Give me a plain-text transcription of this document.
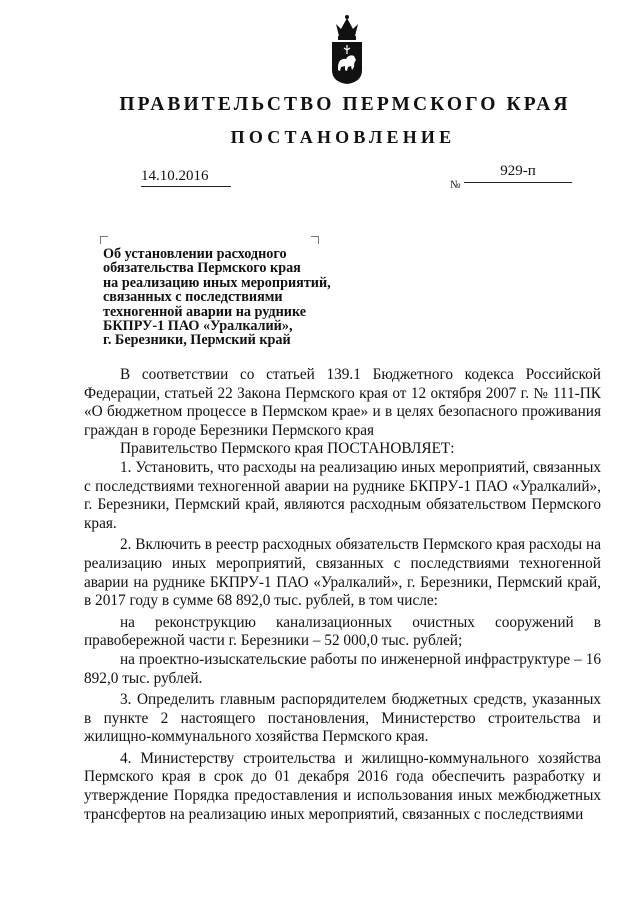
ПРАВИТЕЛЬСТВО ПЕРМСКОГО КРАЯ
ПОСТАНОВЛЕНИЕ
14.10.2016
№
929-п
Об установлении расходного
обязательства Пермского края
на реализацию иных мероприятий,
связанных с последствиями
техногенной аварии на руднике
БКПРУ-1 ПАО «Уралкалий»,
г. Березники, Пермский край

В соответствии со статьей 139.1 Бюджетного кодекса Российской Федерации, статьей 22 Закона Пермского края от 12 октября 2007 г. № 111-ПК «О бюджетном процессе в Пермском крае» и в целях безопасного проживания граждан в городе Березники Пермского края

Правительство Пермского края ПОСТАНОВЛЯЕТ:

1. Установить, что расходы на реализацию иных мероприятий, связанных с последствиями техногенной аварии на руднике БКПРУ-1 ПАО «Уралкалий», г. Березники, Пермский край, являются расходным обязательством Пермского края.

2. Включить в реестр расходных обязательств Пермского края расходы на реализацию иных мероприятий, связанных с последствиями техногенной аварии на руднике БКПРУ-1 ПАО «Уралкалий», г. Березники, Пермский край, в 2017 году в сумме 68 892,0 тыс. рублей, в том числе:

на реконструкцию канализационных очистных сооружений в правобережной части г. Березники – 52 000,0 тыс. рублей;

на проектно-изыскательские работы по инженерной инфраструктуре – 16 892,0 тыс. рублей.

3. Определить главным распорядителем бюджетных средств, указанных в пункте 2 настоящего постановления, Министерство строительства и жилищно-коммунального хозяйства Пермского края.

4. Министерству строительства и жилищно-коммунального хозяйства Пермского края в срок до 01 декабря 2016 года обеспечить разработку и утверждение Порядка предоставления и использования иных межбюджетных трансфертов на реализацию иных мероприятий, связанных с последствиями
